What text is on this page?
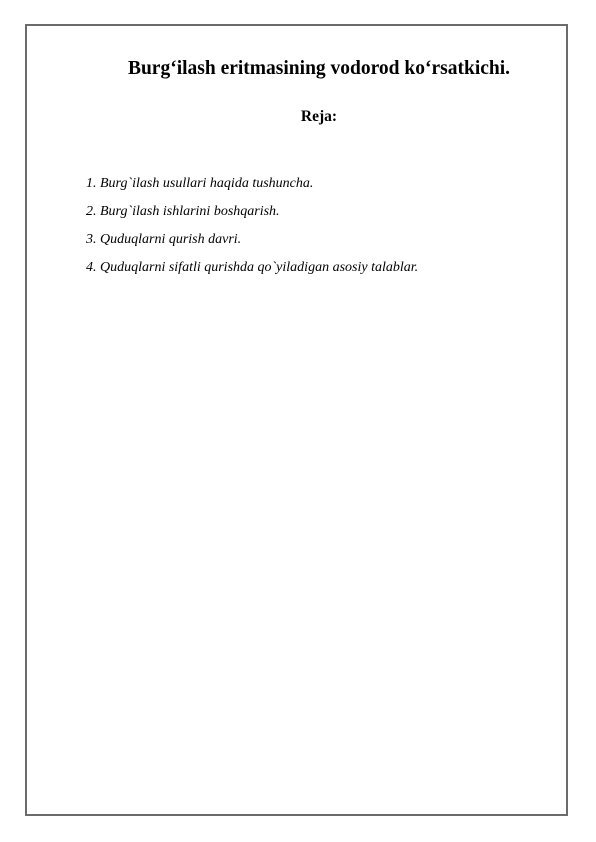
Burg‘ilash eritmasining vodorod ko‘rsatkichi.
Reja:
1. Burg`ilash usullari haqida tushuncha.
2. Burg`ilash ishlarini boshqarish.
3. Quduqlarni qurish davri.
4. Quduqlarni sifatli qurishda qo`yiladigan asosiy talablar.
